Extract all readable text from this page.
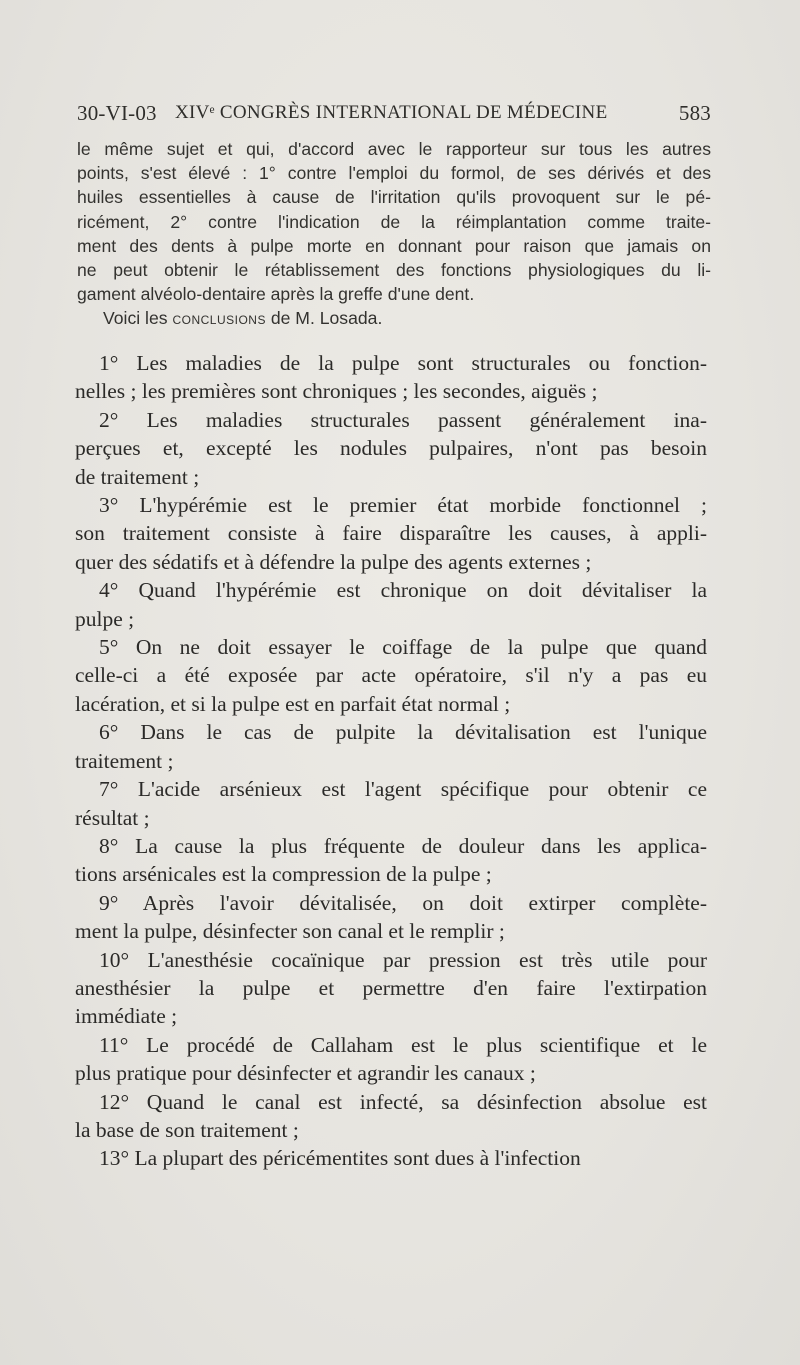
30-VI-03 XIVᵉ CONGRÈS INTERNATIONAL DE MÉDECINE	583

le même sujet et qui, d'accord avec le rapporteur sur tous les autres
points, s'est élevé : 1° contre l'emploi du formol, de ses dérivés et des
huiles essentielles à cause de l'irritation qu'ils provoquent sur le pé-
ricément, 2° contre l'indication de la réimplantation comme traite-
ment des dents à pulpe morte en donnant pour raison que jamais on
ne peut obtenir le rétablissement des fonctions physiologiques du li-
gament alvéolo-dentaire après la greffe d'une dent.

Voici les conclusions de M. Losada.

1° Les maladies de la pulpe sont structurales ou fonction-
nelles ; les premières sont chroniques ; les secondes, aiguës ;

2° Les maladies structurales passent généralement ina-
perçues et, excepté les nodules pulpaires, n'ont pas besoin
de traitement ;

3° L'hypérémie est le premier état morbide fonctionnel ;
son traitement consiste à faire disparaître les causes, à appli-
quer des sédatifs et à défendre la pulpe des agents externes ;

4° Quand l'hypérémie est chronique on doit dévitaliser la
pulpe ;

5° On ne doit essayer le coiffage de la pulpe que quand
celle-ci a été exposée par acte opératoire, s'il n'y a pas eu
lacération, et si la pulpe est en parfait état normal ;

6° Dans le cas de pulpite la dévitalisation est l'unique
traitement ;

7° L'acide arsénieux est l'agent spécifique pour obtenir ce
résultat ;

8° La cause la plus fréquente de douleur dans les applica-
tions arsénicales est la compression de la pulpe ;

9° Après l'avoir dévitalisée, on doit extirper complète-
ment la pulpe, désinfecter son canal et le remplir ;

10° L'anesthésie cocaïnique par pression est très utile pour
anesthésier la pulpe et permettre d'en faire l'extirpation
immédiate ;

11° Le procédé de Callaham est le plus scientifique et le
plus pratique pour désinfecter et agrandir les canaux ;

12° Quand le canal est infecté, sa désinfection absolue est
la base de son traitement ;

13° La plupart des péricémentites sont dues à l'infection
